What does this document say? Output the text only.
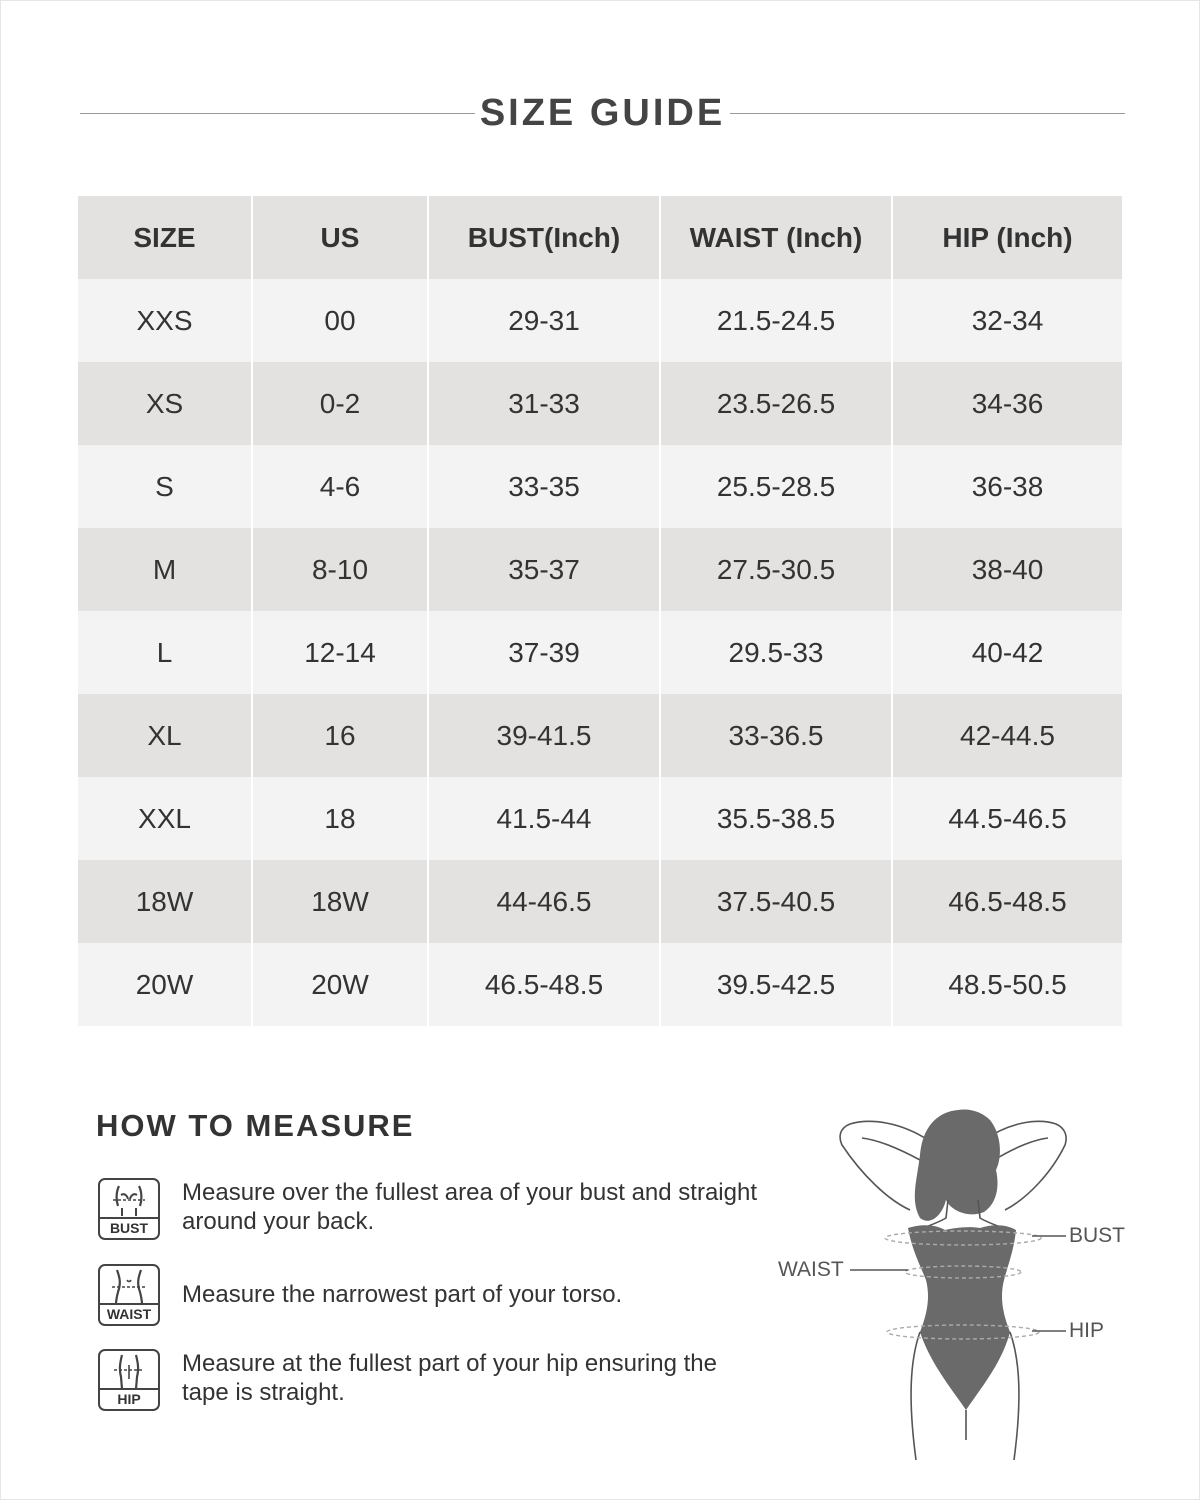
SIZE GUIDE
SIZE	US	BUST(Inch)	WAIST (Inch)	HIP (Inch)
XXS	00	29-31	21.5-24.5	32-34
XS	0-2	31-33	23.5-26.5	34-36
S	4-6	33-35	25.5-28.5	36-38
M	8-10	35-37	27.5-30.5	38-40
L	12-14	37-39	29.5-33	40-42
XL	16	39-41.5	33-36.5	42-44.5
XXL	18	41.5-44	35.5-38.5	44.5-46.5
18W	18W	44-46.5	37.5-40.5	46.5-48.5
20W	20W	46.5-48.5	39.5-42.5	48.5-50.5
HOW TO MEASURE
BUST
Measure over the fullest area of your bust and straight around your back.
WAIST
Measure the narrowest part of your torso.
HIP
Measure at the fullest part of your hip ensuring the tape is straight.
BUST
WAIST
HIP
